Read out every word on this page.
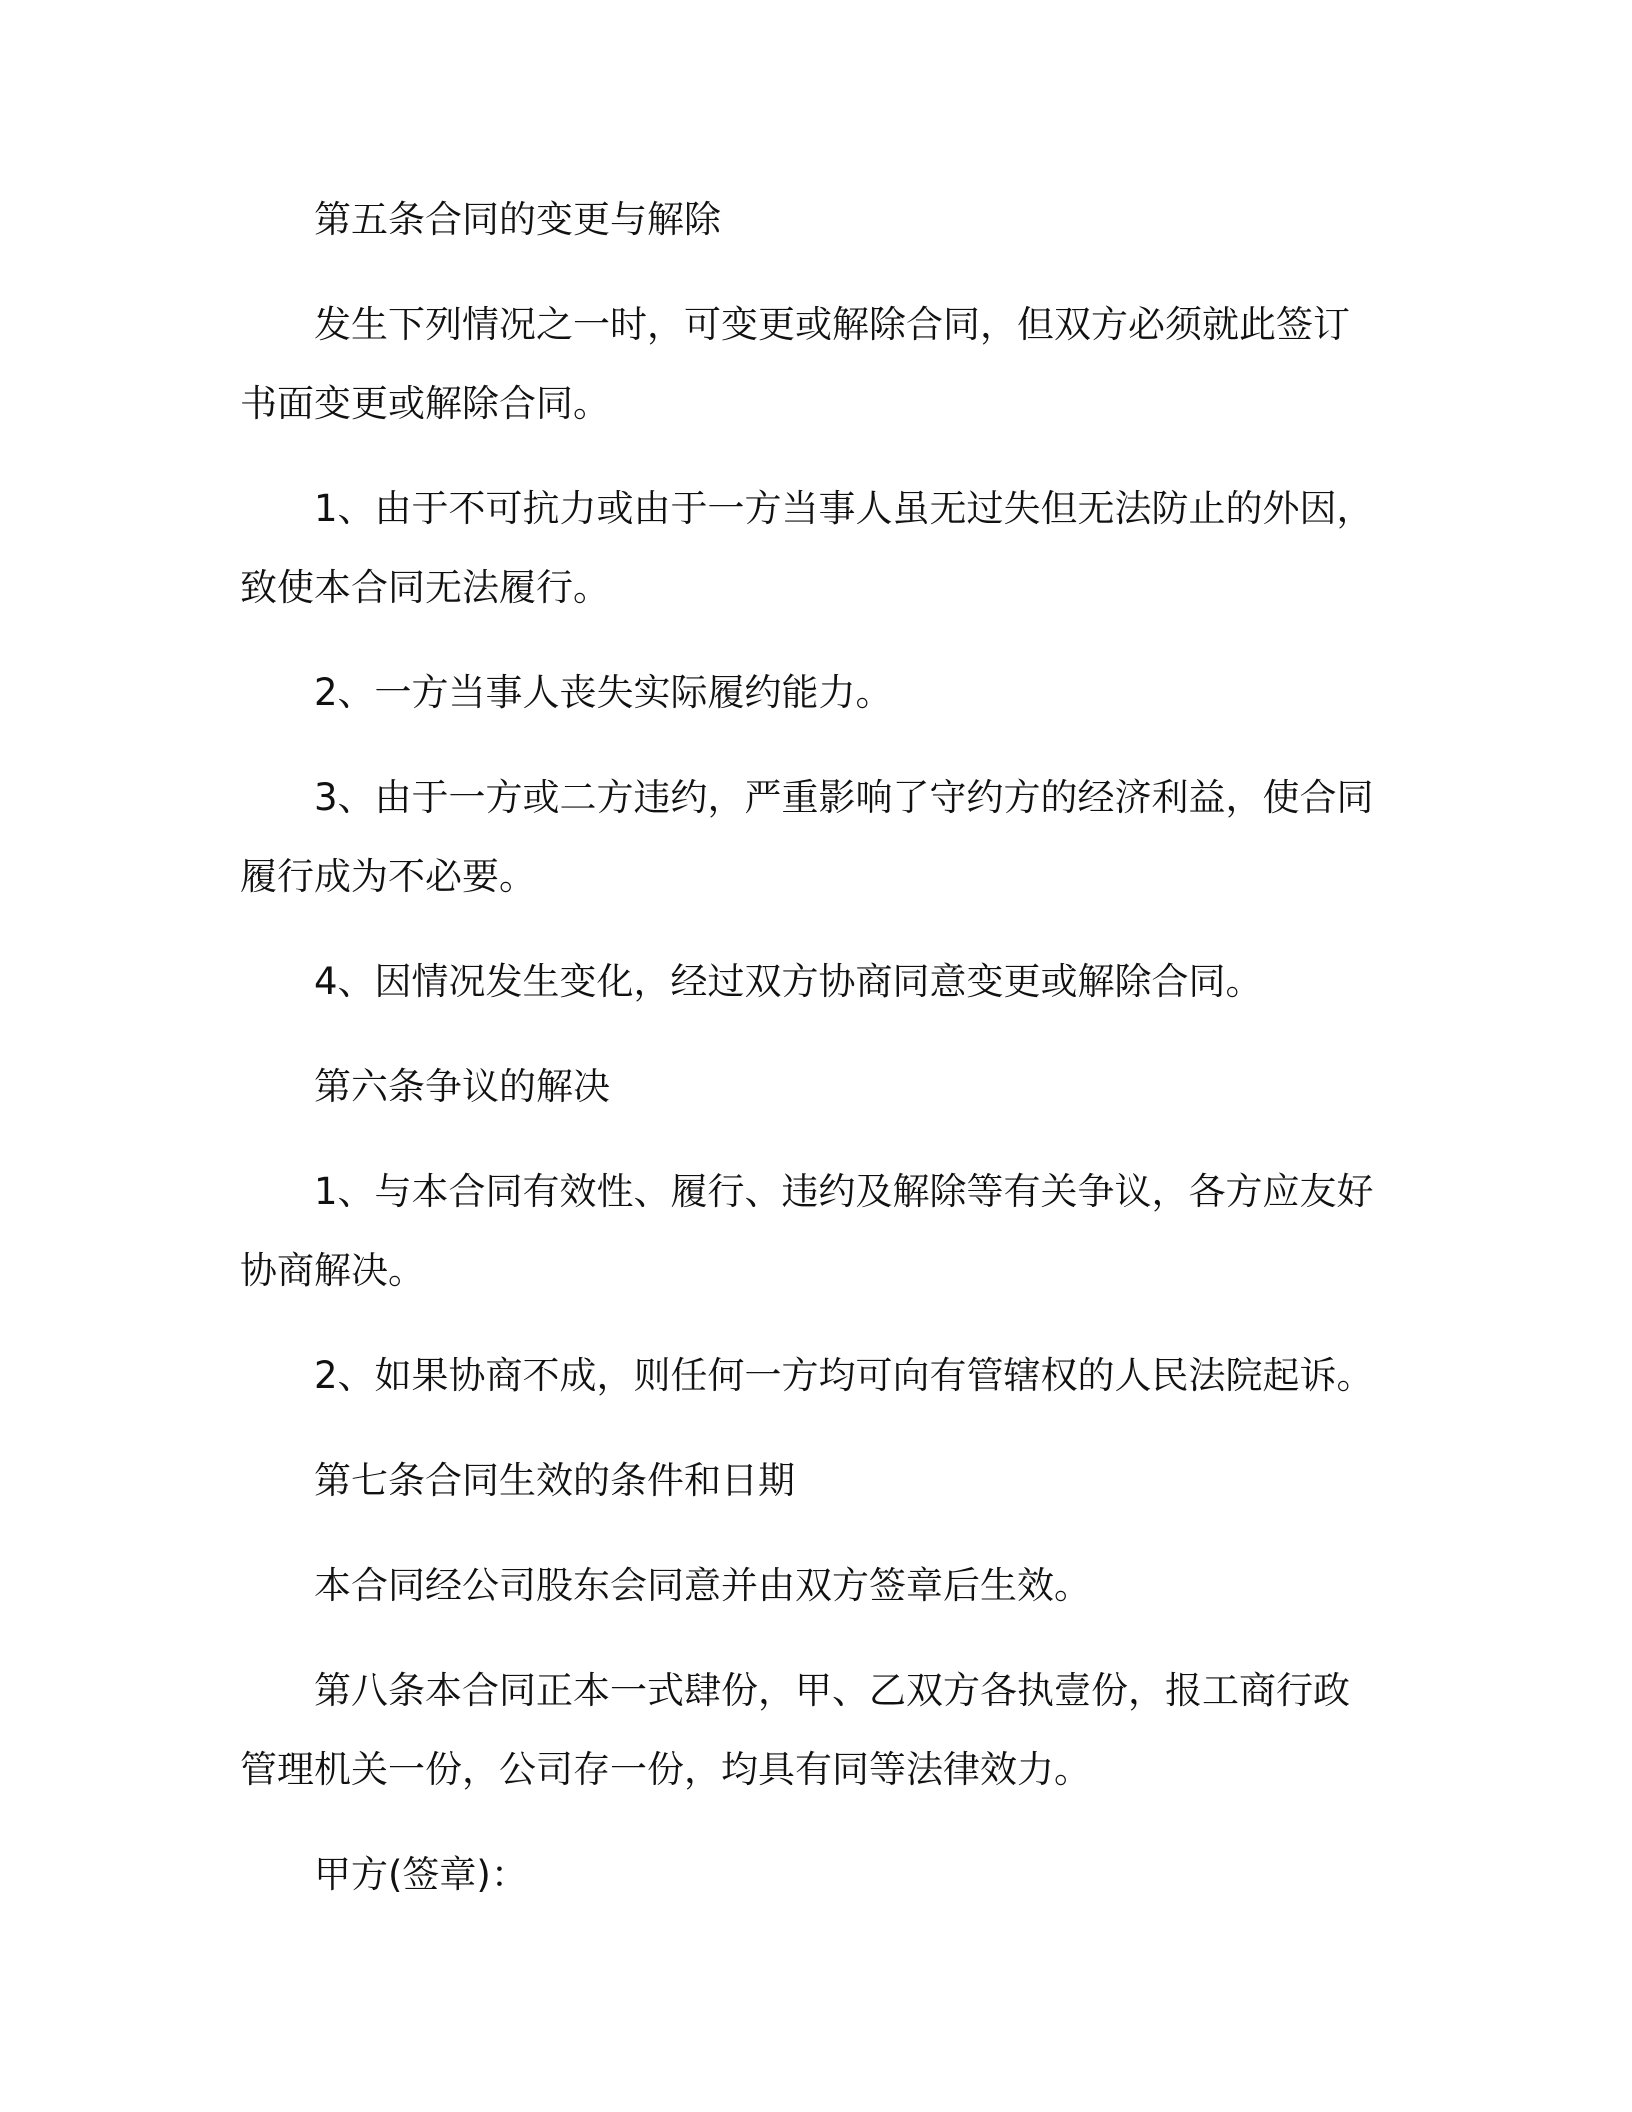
第五条合同的变更与解除

发生下列情况之一时，可变更或解除合同，但双方必须就此签订书面变更或解除合同。

1、由于不可抗力或由于一方当事人虽无过失但无法防止的外因，致使本合同无法履行。

2、一方当事人丧失实际履约能力。

3、由于一方或二方违约，严重影响了守约方的经济利益，使合同履行成为不必要。

4、因情况发生变化，经过双方协商同意变更或解除合同。

第六条争议的解决

1、与本合同有效性、履行、违约及解除等有关争议，各方应友好协商解决。

2、如果协商不成，则任何一方均可向有管辖权的人民法院起诉。

第七条合同生效的条件和日期

本合同经公司股东会同意并由双方签章后生效。

第八条本合同正本一式肆份，甲、乙双方各执壹份，报工商行政管理机关一份，公司存一份，均具有同等法律效力。

甲方(签章)：
